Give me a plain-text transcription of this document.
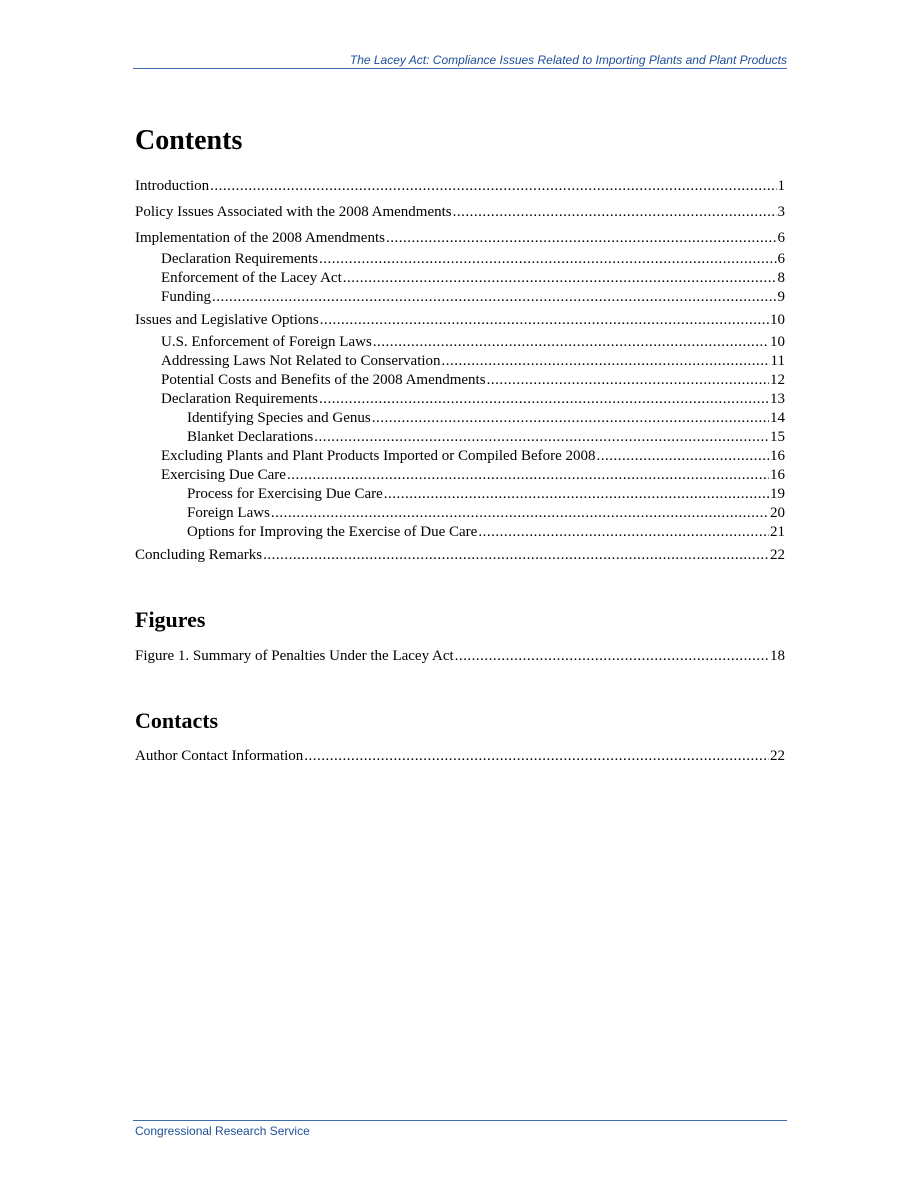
The Lacey Act: Compliance Issues Related to Importing Plants and Plant Products
Contents
Introduction .....	1
Policy Issues Associated with the 2008 Amendments .....	3
Implementation of the 2008 Amendments .....	6
Declaration Requirements .....	6
Enforcement of the Lacey Act .....	8
Funding .....	9
Issues and Legislative Options .....	10
U.S. Enforcement of Foreign Laws .....	10
Addressing Laws Not Related to Conservation .....	11
Potential Costs and Benefits of the 2008 Amendments .....	12
Declaration Requirements .....	13
Identifying Species and Genus .....	14
Blanket Declarations .....	15
Excluding Plants and Plant Products Imported or Compiled Before 2008 .....	16
Exercising Due Care .....	16
Process for Exercising Due Care .....	19
Foreign Laws .....	20
Options for Improving the Exercise of Due Care .....	21
Concluding Remarks .....	22
Figures
Figure 1. Summary of Penalties Under the Lacey Act .....	18
Contacts
Author Contact Information .....	22
Congressional Research Service
